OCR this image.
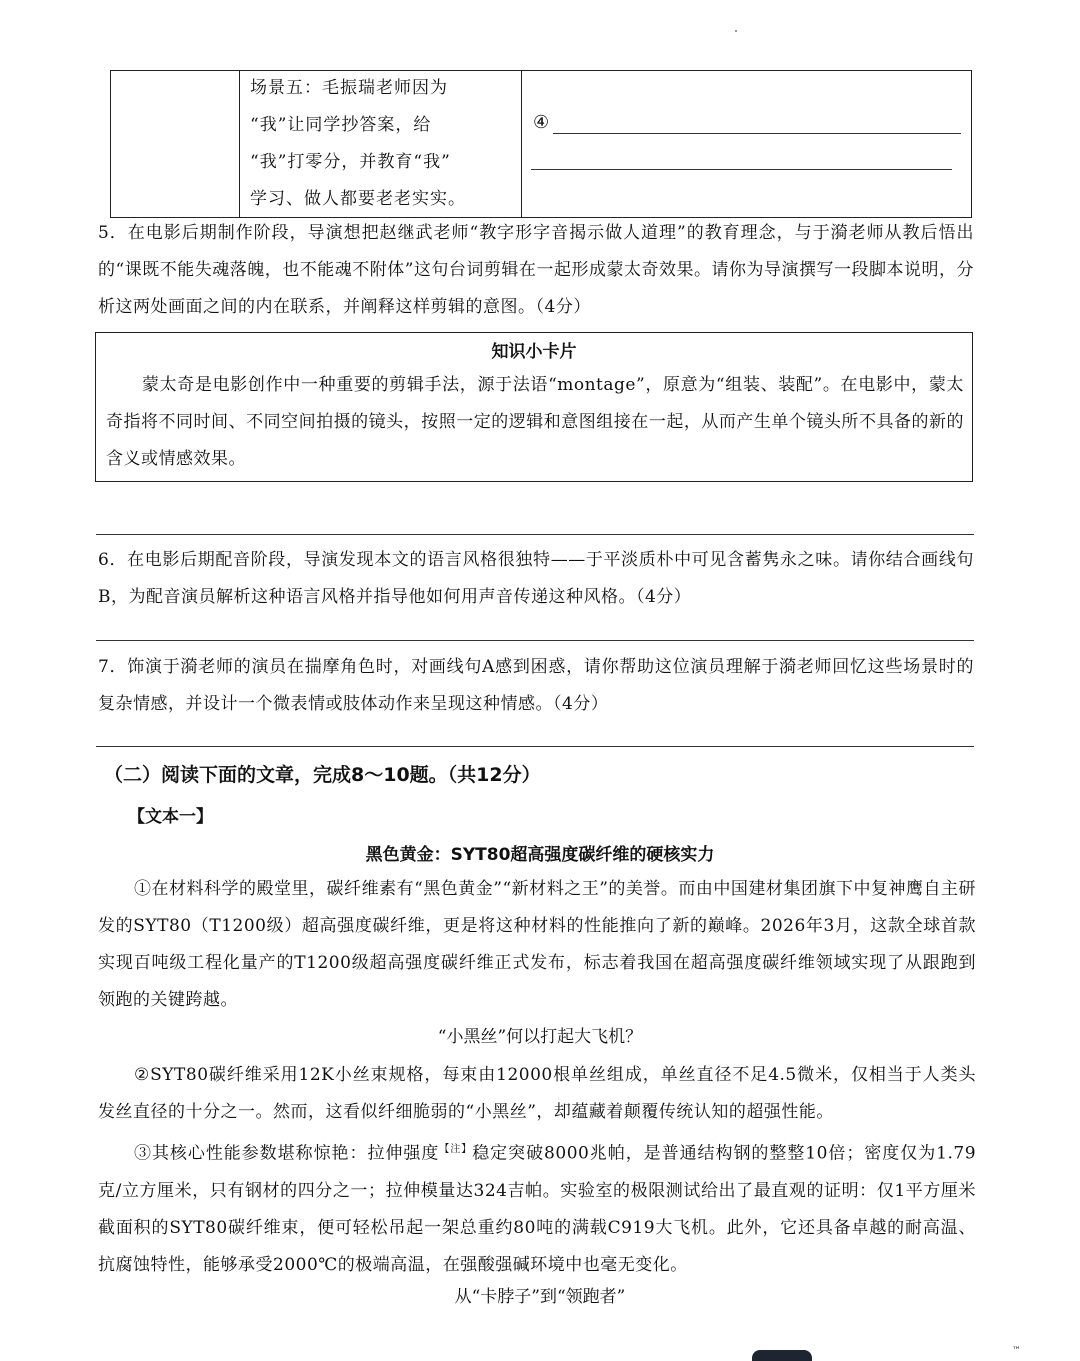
场景五：毛振瑞老师因为
“我”让同学抄答案，给
“我”打零分，并教育“我”
学习、做人都要老老实实。
④
5．在电影后期制作阶段，导演想把赵继武老师“教字形字音揭示做人道理”的教育理念，与于漪老师从教后悟出的“课既不能失魂落魄，也不能魂不附体”这句台词剪辑在一起形成蒙太奇效果。请你为导演撰写一段脚本说明，分析这两处画面之间的内在联系，并阐释这样剪辑的意图。（4分）
知识小卡片
蒙太奇是电影创作中一种重要的剪辑手法，源于法语“montage”，原意为“组装、装配”。在电影中，蒙太奇指将不同时间、不同空间拍摄的镜头，按照一定的逻辑和意图组接在一起，从而产生单个镜头所不具备的新的含义或情感效果。
6．在电影后期配音阶段，导演发现本文的语言风格很独特——于平淡质朴中可见含蓄隽永之味。请你结合画线句B，为配音演员解析这种语言风格并指导他如何用声音传递这种风格。（4分）
7．饰演于漪老师的演员在揣摩角色时，对画线句A感到困惑，请你帮助这位演员理解于漪老师回忆这些场景时的复杂情感，并设计一个微表情或肢体动作来呈现这种情感。（4分）
（二）阅读下面的文章，完成8～10题。（共12分）
【文本一】
黑色黄金：SYT80超高强度碳纤维的硬核实力
①在材料科学的殿堂里，碳纤维素有“黑色黄金”“新材料之王”的美誉。而由中国建材集团旗下中复神鹰自主研发的SYT80（T1200级）超高强度碳纤维，更是将这种材料的性能推向了新的巅峰。2026年3月，这款全球首款实现百吨级工程化量产的T1200级超高强度碳纤维正式发布，标志着我国在超高强度碳纤维领域实现了从跟跑到领跑的关键跨越。
“小黑丝”何以打起大飞机？
②SYT80碳纤维采用12K小丝束规格，每束由12000根单丝组成，单丝直径不足4.5微米，仅相当于人类头发丝直径的十分之一。然而，这看似纤细脆弱的“小黑丝”，却蕴藏着颠覆传统认知的超强性能。
③其核心性能参数堪称惊艳：拉伸强度$^{【注】}$稳定突破8000兆帕，是普通结构钢的整整10倍；密度仅为1.79克/立方厘米，只有钢材的四分之一；拉伸模量达324吉帕。实验室的极限测试给出了最直观的证明：仅1平方厘米截面积的SYT80碳纤维束，便可轻松吊起一架总重约80吨的满载C919大飞机。此外，它还具备卓越的耐高温、抗腐蚀特性，能够承受2000℃的极端高温，在强酸强碱环境中也毫无变化。
从“卡脖子”到“领跑者”
™
